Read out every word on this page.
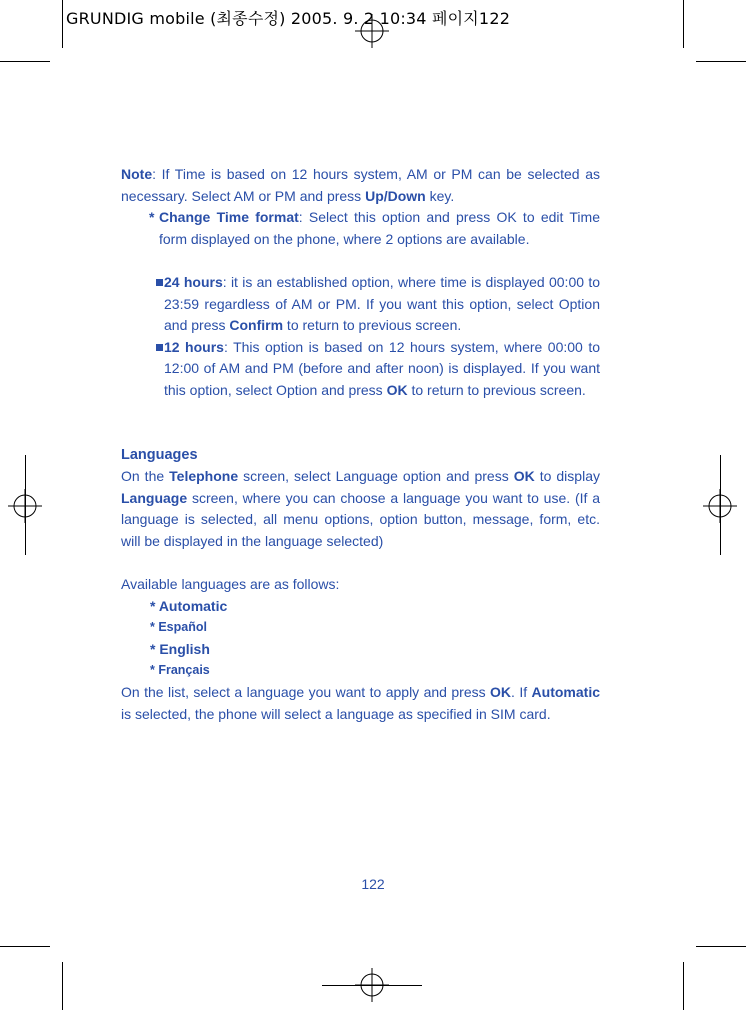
GRUNDIG mobile (최종수정) 2005. 9. 2 10:34 페이지122

Note: If Time is based on 12 hours system, AM or PM can be selected as necessary. Select AM or PM and press Up/Down key.

* Change Time format: Select this option and press OK to edit Time form displayed on the phone, where 2 options are available.

24 hours: it is an established option, where time is displayed 00:00 to 23:59 regardless of AM or PM. If you want this option, select Option and press Confirm to return to previous screen.

12 hours: This option is based on 12 hours system, where 00:00 to 12:00 of AM and PM (before and after noon) is displayed. If you want this option, select Option and press OK to return to previous screen.

Languages

On the Telephone screen, select Language option and press OK to display Language screen, where you can choose a language you want to use. (If a language is selected, all menu options, option button, message, form, etc. will be displayed in the language selected)

Available languages are as follows:

* Automatic

* Español

* English

* Français

On the list, select a language you want to apply and press OK. If Automatic is selected, the phone will select a language as specified in SIM card.

122
